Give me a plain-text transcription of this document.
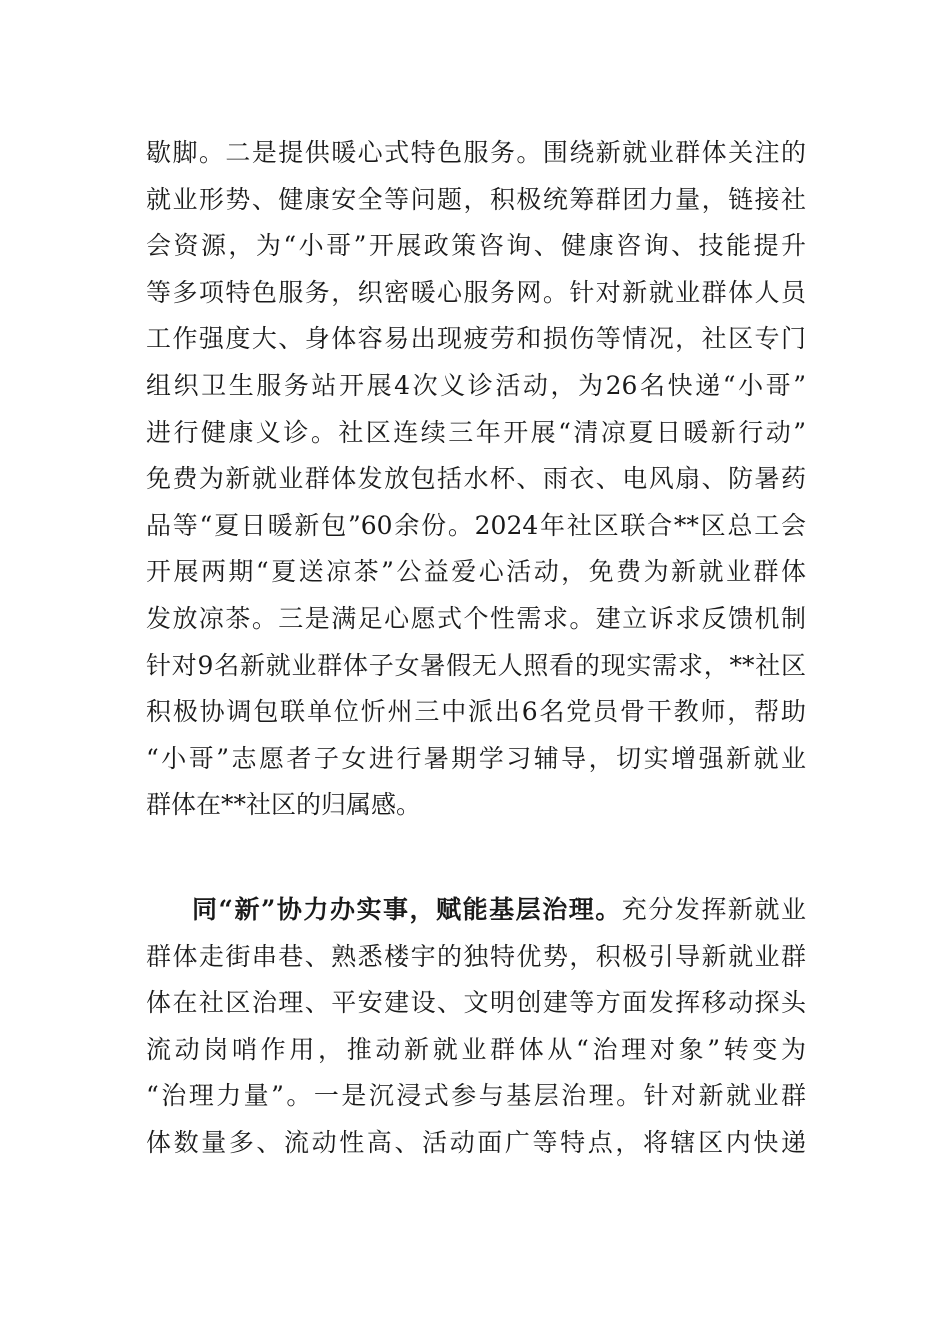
歇脚。二是提供暖心式特色服务。围绕新就业群体关注的
就业形势、健康安全等问题，积极统筹群团力量，链接社
会资源，为“小哥”开展政策咨询、健康咨询、技能提升
等多项特色服务，织密暖心服务网。针对新就业群体人员
工作强度大、身体容易出现疲劳和损伤等情况，社区专门
组织卫生服务站开展4次义诊活动，为26名快递“小哥”
进行健康义诊。社区连续三年开展“清凉夏日暖新行动”
免费为新就业群体发放包括水杯、雨衣、电风扇、防暑药
品等“夏日暖新包”60余份。2024年社区联合**区总工会
开展两期“夏送凉茶”公益爱心活动，免费为新就业群体
发放凉茶。三是满足心愿式个性需求。建立诉求反馈机制
针对9名新就业群体子女暑假无人照看的现实需求，**社区
积极协调包联单位忻州三中派出6名党员骨干教师，帮助
“小哥”志愿者子女进行暑期学习辅导，切实增强新就业
群体在**社区的归属感。
同“新”协力办实事，赋能基层治理。充分发挥新就业
群体走街串巷、熟悉楼宇的独特优势，积极引导新就业群
体在社区治理、平安建设、文明创建等方面发挥移动探头
流动岗哨作用，推动新就业群体从“治理对象”转变为
“治理力量”。一是沉浸式参与基层治理。针对新就业群
体数量多、流动性高、活动面广等特点，将辖区内快递
